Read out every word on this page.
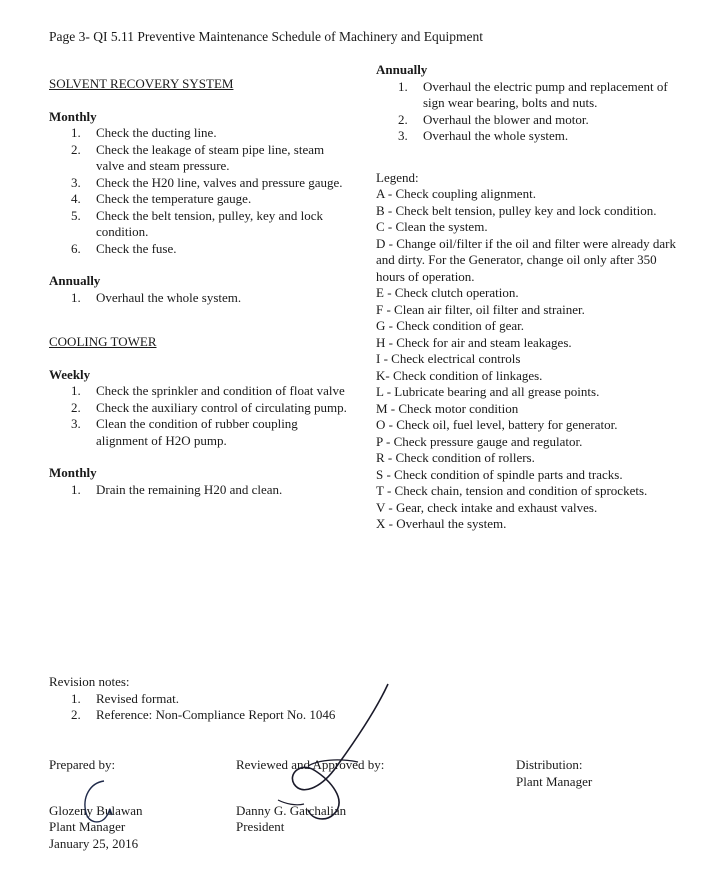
Page 3- QI 5.11 Preventive Maintenance Schedule of Machinery and Equipment
SOLVENT RECOVERY SYSTEM
Monthly
1.	Check the ducting line.
2.	Check the leakage of steam pipe line, steam valve and steam pressure.
3.	Check the H20 line, valves and pressure gauge.
4.	Check the temperature gauge.
5.	Check the belt tension, pulley, key and lock condition.
6.	Check the fuse.
Annually
1.	Overhaul the whole system.
COOLING TOWER
Weekly
1.	Check the sprinkler and condition of float valve
2.	Check the auxiliary control of circulating pump.
3.	Clean the condition of rubber coupling alignment of H2O pump.
Monthly
1.	Drain the remaining H20 and clean.
Annually
1.	Overhaul the electric pump and replacement of sign wear bearing, bolts and nuts.
2.	Overhaul the blower and motor.
3.	Overhaul the whole system.
Legend:
A - Check coupling alignment.
B - Check belt tension, pulley key and lock condition.
C - Clean the system.
D - Change oil/filter if the oil and filter were already dark and dirty. For the Generator, change oil only after 350 hours of operation.
E - Check clutch operation.
F - Clean air filter, oil filter and strainer.
G - Check condition of gear.
H - Check for air and steam leakages.
I - Check electrical controls
K- Check condition of linkages.
L - Lubricate bearing and all grease points.
M - Check motor condition
O - Check oil, fuel level, battery for generator.
P - Check pressure gauge and regulator.
R - Check condition of rollers.
S - Check condition of spindle parts and tracks.
T - Check chain, tension and condition of sprockets.
V - Gear, check intake and exhaust valves.
X - Overhaul the system.
Revision notes:
1.	Revised format.
2.	Reference: Non-Compliance Report No. 1046
Prepared by:
Glozeny Bulawan
Plant Manager
January 25, 2016
Reviewed and Approved by:
Danny G. Gatchalian
President
Distribution:
Plant Manager
